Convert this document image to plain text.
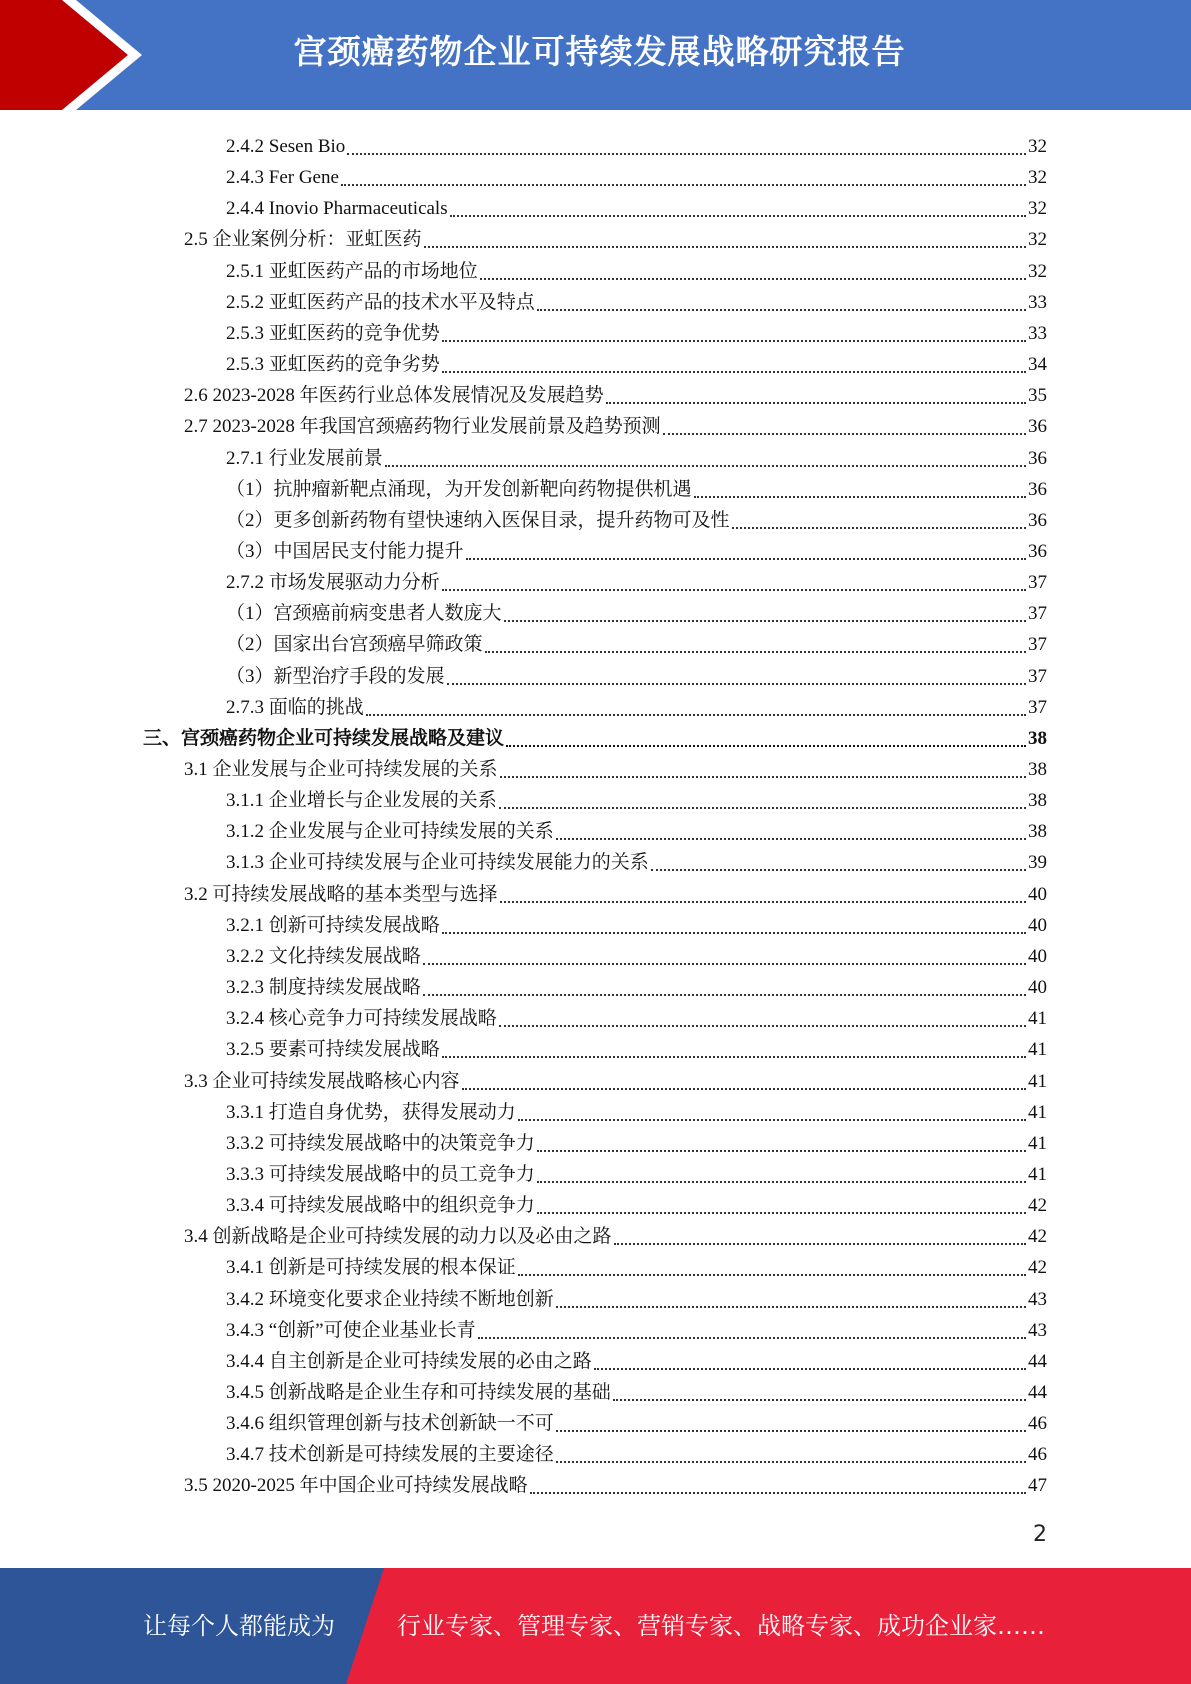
宫颈癌药物企业可持续发展战略研究报告
2.4.2 Sesen Bio	32
2.4.3 Fer Gene	32
2.4.4 Inovio Pharmaceuticals	32
2.5 企业案例分析：亚虹医药	32
2.5.1 亚虹医药产品的市场地位	32
2.5.2 亚虹医药产品的技术水平及特点	33
2.5.3 亚虹医药的竞争优势	33
2.5.3 亚虹医药的竞争劣势	34
2.6 2023-2028 年医药行业总体发展情况及发展趋势	35
2.7 2023-2028 年我国宫颈癌药物行业发展前景及趋势预测	36
2.7.1 行业发展前景	36
（1）抗肿瘤新靶点涌现，为开发创新靶向药物提供机遇	36
（2）更多创新药物有望快速纳入医保目录，提升药物可及性	36
（3）中国居民支付能力提升	36
2.7.2 市场发展驱动力分析	37
（1）宫颈癌前病变患者人数庞大	37
（2）国家出台宫颈癌早筛政策	37
（3）新型治疗手段的发展	37
2.7.3 面临的挑战	37
三、宫颈癌药物企业可持续发展战略及建议	38
3.1 企业发展与企业可持续发展的关系	38
3.1.1 企业增长与企业发展的关系	38
3.1.2 企业发展与企业可持续发展的关系	38
3.1.3 企业可持续发展与企业可持续发展能力的关系	39
3.2 可持续发展战略的基本类型与选择	40
3.2.1 创新可持续发展战略	40
3.2.2 文化持续发展战略	40
3.2.3 制度持续发展战略	40
3.2.4 核心竞争力可持续发展战略	41
3.2.5 要素可持续发展战略	41
3.3 企业可持续发展战略核心内容	41
3.3.1 打造自身优势，获得发展动力	41
3.3.2 可持续发展战略中的决策竞争力	41
3.3.3 可持续发展战略中的员工竞争力	41
3.3.4 可持续发展战略中的组织竞争力	42
3.4 创新战略是企业可持续发展的动力以及必由之路	42
3.4.1 创新是可持续发展的根本保证	42
3.4.2 环境变化要求企业持续不断地创新	43
3.4.3 “创新”可使企业基业长青	43
3.4.4 自主创新是企业可持续发展的必由之路	44
3.4.5 创新战略是企业生存和可持续发展的基础	44
3.4.6 组织管理创新与技术创新缺一不可	46
3.4.7 技术创新是可持续发展的主要途径	46
3.5 2020-2025 年中国企业可持续发展战略	47
2
让每个人都能成为	行业专家、管理专家、营销专家、战略专家、成功企业家……
